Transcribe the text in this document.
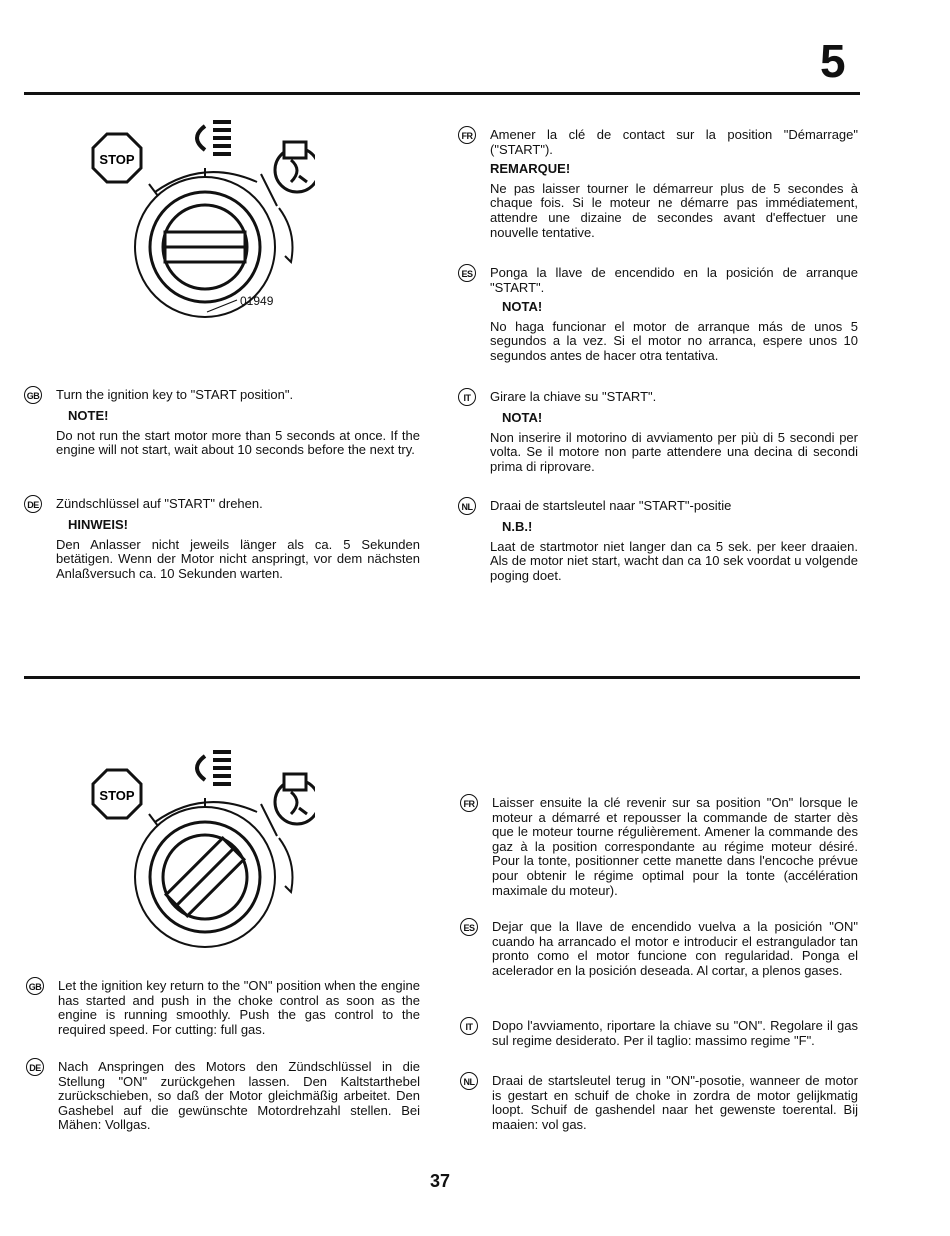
5
STOP
01949
FR Amener la clé de contact sur la position "Démarrage" ("START").
REMARQUE!
Ne pas laisser tourner le démarreur plus de 5 secondes à chaque fois. Si le moteur ne démarre pas immédiatement, attendre une dizaine de secondes avant d'effectuer une nouvelle tentative.
ES Ponga la llave de encendido en la posición de arranque "START".
NOTA!
No haga funcionar el motor de arranque más de unos 5 segundos a la vez. Si el motor no arranca, espere unos 10 segundos antes de hacer otra tentativa.
GB Turn the ignition key to "START position".
NOTE!
Do not run the start motor more than 5 seconds at once. If the engine will not start, wait about 10 seconds before the next try.
IT	Girare la chiave su "START".
NOTA!
Non inserire il motorino di avviamento per più di 5 secondi per volta. Se il motore non parte attendere una decina di secondi prima di riprovare.
DE Zündschlüssel auf "START" drehen.
HINWEIS!
Den Anlasser nicht jeweils länger als ca. 5 Sekunden betätigen. Wenn der Motor nicht anspringt, vor dem nächsten Anlaßversuch ca. 10 Sekunden warten.
NL Draai de startsleutel naar "START"-positie
N.B.!
Laat de startmotor niet langer dan ca 5 sek. per keer draaien. Als de motor niet start, wacht dan ca 10 sek voordat u volgende poging doet.
STOP
FR Laisser ensuite la clé revenir sur sa position "On" lorsque le moteur a démarré et repousser la commande de starter dès que le moteur tourne régulièrement. Amener la commande des gaz à la position correspondante au régime moteur désiré. Pour la tonte, positionner cette manette dans l'encoche prévue pour obtenir le régime optimal pour la tonte (accélération maximale du moteur).
ES Dejar que la llave de encendido vuelva a la posición "ON" cuando ha arrancado el motor e introducir el estrangulador tan pronto como el motor funcione con regularidad. Ponga el acelerador en la posición deseada. Al cortar, a plenos gases.
GB Let the ignition key return to the "ON" position when the engine has started and push in the choke control as soon as the engine is running smoothly. Push the gas control to the required speed. For cutting: full gas.	IT	Dopo l'avviamento, riportare la chiave su "ON". Regolare il gas sul regime desiderato. Per il taglio: massimo regime "F".
DE Nach Anspringen des Motors den Zündschlüssel in die Stellung "ON" zurückgehen lassen. Den Kaltstarthebel zurückschieben, so daß der Motor gleichmäßig arbeitet. Den Gashebel auf die gewünschte Motordrehzahl stellen. Bei Mähen: Vollgas.
NL Draai de startsleutel terug in "ON"-posotie, wanneer de motor is gestart en schuif de choke in zordra de motor gelijkmatig loopt. Schuif de gashendel naar het gewenste toerental. Bij maaien: vol gas.
37
